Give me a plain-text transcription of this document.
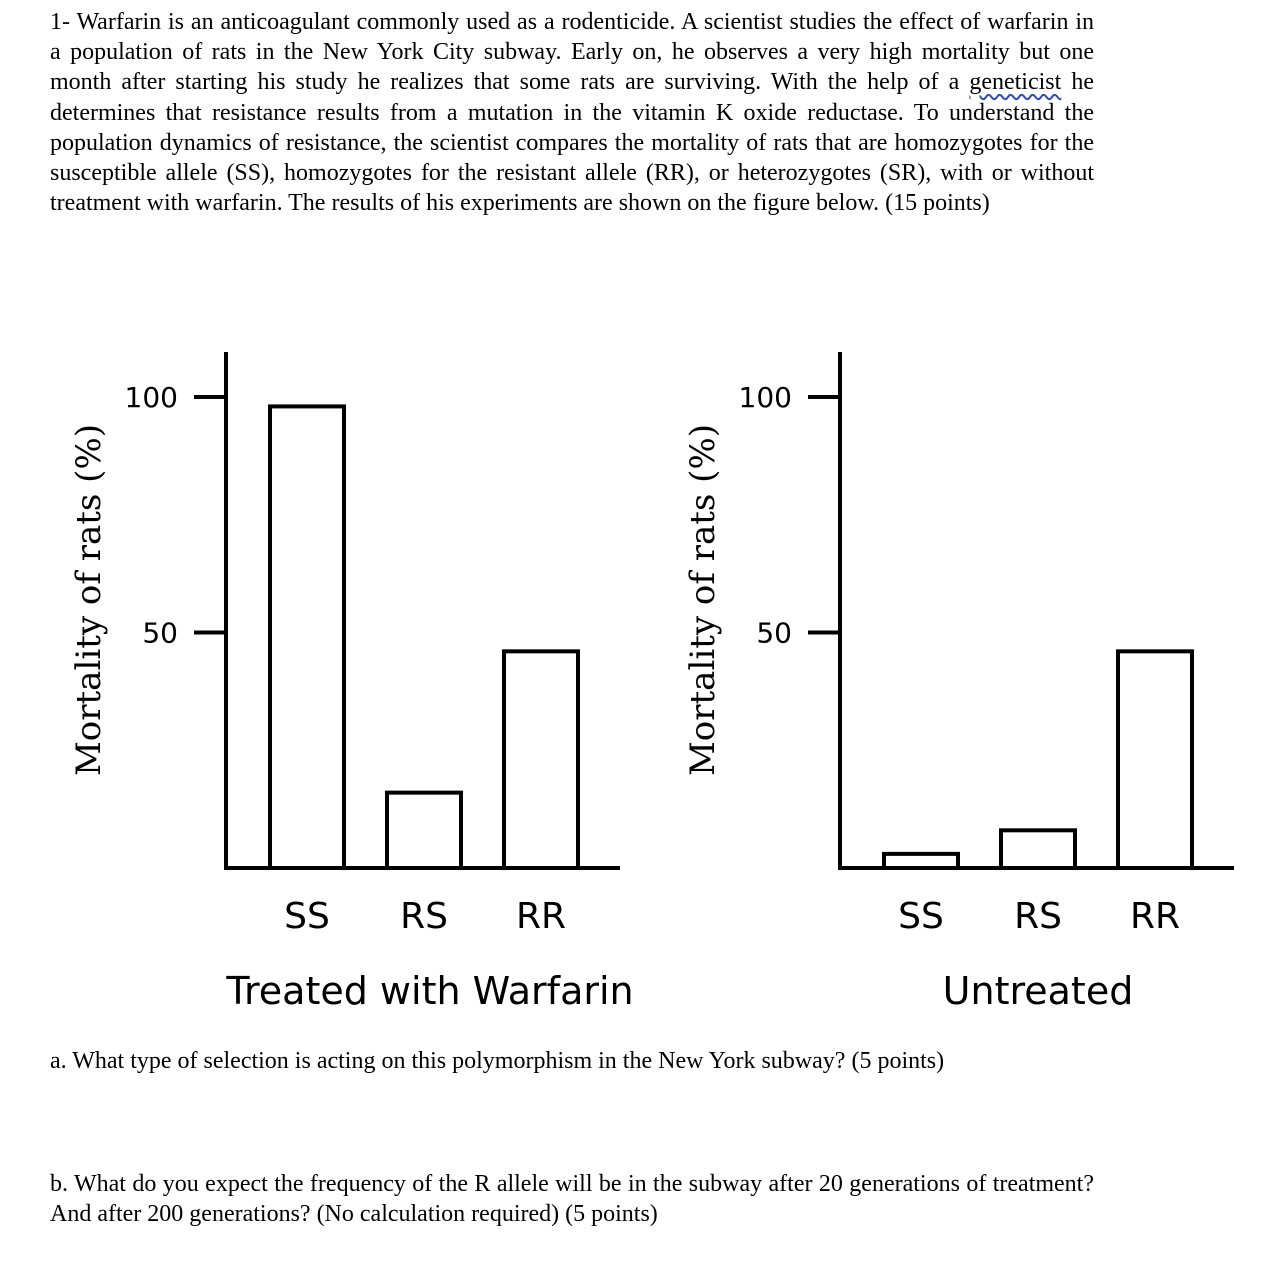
1- Warfarin is an anticoagulant commonly used as a rodenticide. A scientist studies the effect of warfarin in a population of rats in the New York City subway. Early on, he observes a very high mortality but one month after starting his study he realizes that some rats are surviving. With the help of a geneticist he determines that resistance results from a mutation in the vitamin K oxide reductase. To understand the population dynamics of resistance, the scientist compares the mortality of rats that are homozygotes for the susceptible allele (SS), homozygotes for the resistant allele (RR), or heterozygotes (SR), with or without treatment with warfarin. The results of his experiments are shown on the figure below. (15 points)

50
100
Mortality of rats (%)
SS RS RR
Treated with Warfarin
50
100
Mortality of rats (%)
SS RS RR
Untreated

a. What type of selection is acting on this polymorphism in the New York subway? (5 points)

b. What do you expect the frequency of the R allele will be in the subway after 20 generations of treatment? And after 200 generations? (No calculation required) (5 points)
